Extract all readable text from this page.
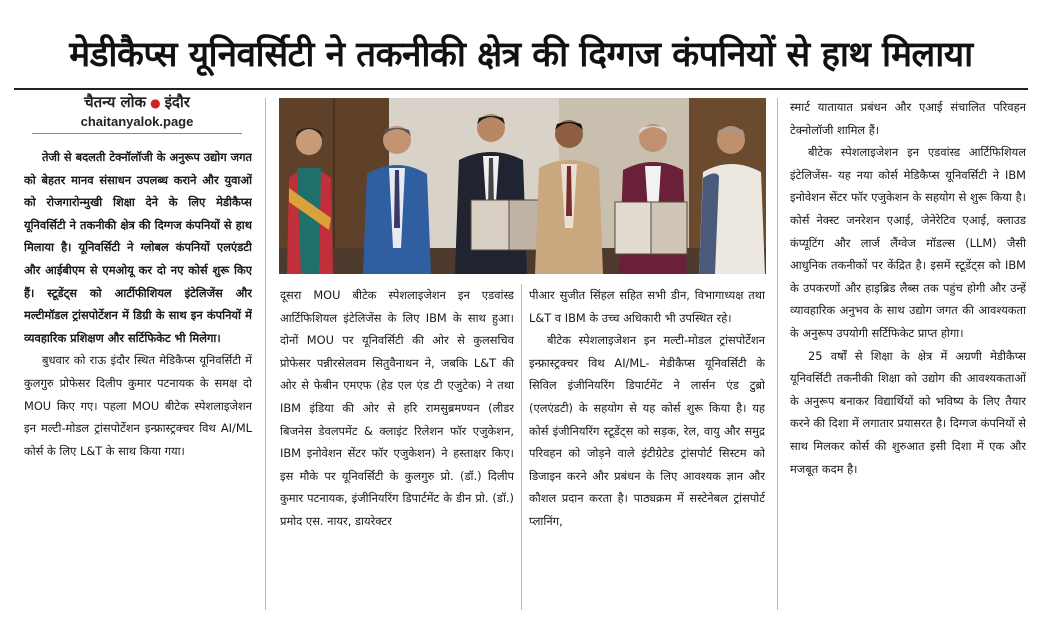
मेडीकैप्स यूनिवर्सिटी ने तकनीकी क्षेत्र की दिग्गज कंपनियों से हाथ मिलाया
चैतन्य लोक ● इंदौर
chaitanyalok.page

तेजी से बदलती टेक्नॉलॉजी के अनुरूप उद्योग जगत को बेहतर मानव संसाधन उपलब्ध कराने और युवाओं को रोजगारोन्मुखी शिक्षा देने के लिए मेडीकैप्स यूनिवर्सिटी ने तकनीकी क्षेत्र की दिग्गज कंपनियों से हाथ मिलाया है। यूनिवर्सिटी ने ग्लोबल कंपनियों एलएंडटी और आईबीएम से एमओयू कर दो नए कोर्स शुरू किए हैं। स्टूडेंट्स को आर्टीफीशियल इंटेलिजेंस और मल्टीमॉडल ट्रांसपोर्टेशन में डिग्री के साथ इन कंपनियों में व्यवहारिक प्रशिक्षण और सर्टिफिकेट भी मिलेगा।

बुधवार को राऊ इंदौर स्थित मेडिकैप्स यूनिवर्सिटी में कुलगुरु प्रोफेसर दिलीप कुमार पटनायक के समक्ष दो MOU किए गए। पहला MOU बीटेक स्पेशलाइजेशन इन मल्टी-मोडल ट्रांसपोर्टेशन इन्फ्रास्ट्रक्चर विथ AI/ML कोर्स के लिए L&T के साथ किया गया।

दूसरा MOU बीटेक स्पेशलाइजेशन इन एडवांस्ड आर्टिफिशियल इंटेलिजेंस के लिए IBM के साथ हुआ। दोनों MOU पर यूनिवर्सिटी की ओर से कुलसचिव प्रोफेसर पन्नीरसेलवम सितुवैनाथन ने, जबकि L&T की ओर से फेबीन एमएफ (हेड एल एंड टी एजुटेक) ने तथा IBM इंडिया की ओर से हरि रामसुब्रमण्यन (लीडर बिजनेस डेवलपमेंट & क्लाइंट रिलेशन फॉर एजुकेशन, IBM इनोवेशन सेंटर फॉर एजुकेशन) ने हस्ताक्षर किए। इस मौके पर यूनिवर्सिटी के कुलगुरु प्रो. (डॉ.) दिलीप कुमार पटनायक, इंजीनियरिंग डिपार्टमेंट के डीन प्रो. (डॉ.) प्रमोद एस. नायर, डायरेक्टर

पीआर सुजीत सिंहल सहित सभी डीन, विभागाध्यक्ष तथा L&T व IBM के उच्च अधिकारी भी उपस्थित रहे।

बीटेक स्पेशलाइजेशन इन मल्टी-मोडल ट्रांसपोर्टेशन इन्फ्रास्ट्रक्चर विथ AI/ML- मेडीकैप्स यूनिवर्सिटी के सिविल इंजीनियरिंग डिपार्टमेंट ने लार्सन एंड टुब्रो (एलएंडटी) के सहयोग से यह कोर्स शुरू किया है। यह कोर्स इंजीनियरिंग स्टूडेंट्स को सड़क, रेल, वायु और समुद्र परिवहन को जोड़ने वाले इंटीग्रेटेड ट्रांसपोर्ट सिस्टम को डिजाइन करने और प्रबंधन के लिए आवश्यक ज्ञान और कौशल प्रदान करता है। पाठ्यक्रम में सस्टेनेबल ट्रांसपोर्ट प्लानिंग,

स्मार्ट यातायात प्रबंधन और एआई संचालित परिवहन टेक्नोलॉजी शामिल हैं।

बीटेक स्पेशलाइजेशन इन एडवांस्ड आर्टिफिशियल इंटेलिजेंस- यह नया कोर्स मेडिकैप्स यूनिवर्सिटी ने IBM इनोवेशन सेंटर फॉर एजुकेशन के सहयोग से शुरू किया है। कोर्स नेक्स्ट जनरेशन एआई, जेनेरेटिव एआई, क्लाउड कंप्यूटिंग और लार्ज लैंग्वेज मॉडल्स (LLM) जैसी आधुनिक तकनीकों पर केंद्रित है। इसमें स्टूडेंट्स को IBM के उपकरणों और हाइब्रिड लैब्स तक पहुंच होगी और उन्हें व्यावहारिक अनुभव के साथ उद्योग जगत की आवश्यकता के अनुरूप उपयोगी सर्टिफिकेट प्राप्त होगा।

25 वर्षों से शिक्षा के क्षेत्र में अग्रणी मेडीकैप्स यूनिवर्सिटी तकनीकी शिक्षा को उद्योग की आवश्यकताओं के अनुरूप बनाकर विद्यार्थियों को भविष्य के लिए तैयार करने की दिशा में लगातार प्रयासरत है। दिग्गज कंपनियों से साथ मिलकर कोर्स की शुरुआत इसी दिशा में एक और मजबूत कदम है।
